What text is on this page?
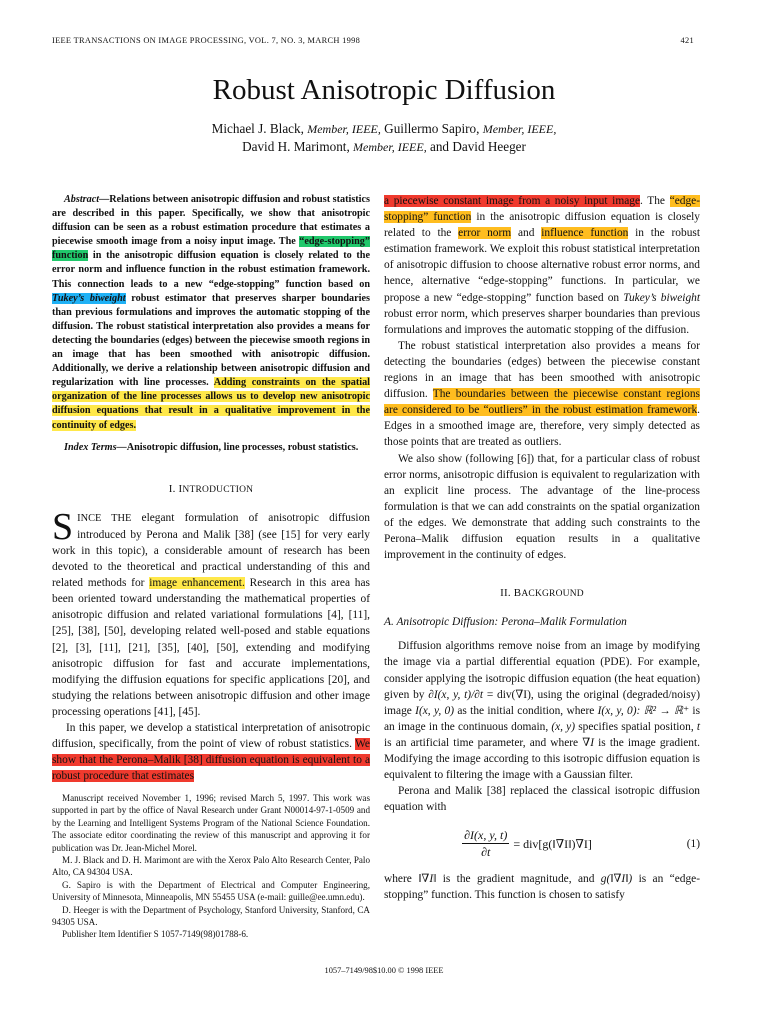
IEEE TRANSACTIONS ON IMAGE PROCESSING, VOL. 7, NO. 3, MARCH 1998	421
Robust Anisotropic Diffusion
Michael J. Black, Member, IEEE, Guillermo Sapiro, Member, IEEE,
David H. Marimont, Member, IEEE, and David Heeger

Abstract—Relations between anisotropic diffusion and robust statistics are described in this paper. Specifically, we show that anisotropic diffusion can be seen as a robust estimation procedure that estimates a piecewise smooth image from a noisy input image. The “edge-stopping” function in the anisotropic diffusion equation is closely related to the error norm and influence function in the robust estimation framework. This connection leads to a new “edge-stopping” function based on Tukey’s biweight robust estimator that preserves sharper boundaries than previous formulations and improves the automatic stopping of the diffusion. The robust statistical interpretation also provides a means for detecting the boundaries (edges) between the piecewise smooth regions in an image that has been smoothed with anisotropic diffusion. Additionally, we derive a relationship between anisotropic diffusion and regularization with line processes. Adding constraints on the spatial organization of the line processes allows us to develop new anisotropic diffusion equations that result in a qualitative improvement in the continuity of edges.

Index Terms—Anisotropic diffusion, line processes, robust statistics.

I. INTRODUCTION

SINCE THE elegant formulation of anisotropic diffusion introduced by Perona and Malik [38] (see [15] for very early work in this topic), a considerable amount of research has been devoted to the theoretical and practical understanding of this and related methods for image enhancement. Research in this area has been oriented toward understanding the mathematical properties of anisotropic diffusion and related variational formulations [4], [11], [25], [38], [50], developing related well-posed and stable equations [2], [3], [11], [21], [35], [40], [50], extending and modifying anisotropic diffusion for fast and accurate implementations, modifying the diffusion equations for specific applications [20], and studying the relations between anisotropic diffusion and other image processing operations [41], [45].

In this paper, we develop a statistical interpretation of anisotropic diffusion, specifically, from the point of view of robust statistics. We show that the Perona–Malik [38] diffusion equation is equivalent to a robust procedure that estimates

Manuscript received November 1, 1996; revised March 5, 1997. This work was supported in part by the office of Naval Research under Grant N00014-97-1-0509 and by the Learning and Intelligent Systems Program of the National Science Foundation. The associate editor coordinating the review of this manuscript and approving it for publication was Dr. Jean-Michel Morel.

M. J. Black and D. H. Marimont are with the Xerox Palo Alto Research Center, Palo Alto, CA 94304 USA.

G. Sapiro is with the Department of Electrical and Computer Engineering, University of Minnesota, Minneapolis, MN 55455 USA (e-mail: guille@ee.umn.edu).

D. Heeger is with the Department of Psychology, Stanford University, Stanford, CA 94305 USA.

Publisher Item Identifier S 1057-7149(98)01788-6.

a piecewise constant image from a noisy input image. The “edge-stopping” function in the anisotropic diffusion equation is closely related to the error norm and influence function in the robust estimation framework. We exploit this robust statistical interpretation of anisotropic diffusion to choose alternative robust error norms, and hence, alternative “edge-stopping” functions. In particular, we propose a new “edge-stopping” function based on Tukey’s biweight robust error norm, which preserves sharper boundaries than previous formulations and improves the automatic stopping of the diffusion.

The robust statistical interpretation also provides a means for detecting the boundaries (edges) between the piecewise constant regions in an image that has been smoothed with anisotropic diffusion. The boundaries between the piecewise constant regions are considered to be “outliers” in the robust estimation framework. Edges in a smoothed image are, therefore, very simply detected as those points that are treated as outliers.

We also show (following [6]) that, for a particular class of robust error norms, anisotropic diffusion is equivalent to regularization with an explicit line process. The advantage of the line-process formulation is that we can add constraints on the spatial organization of the edges. We demonstrate that adding such constraints to the Perona–Malik diffusion equation results in a qualitative improvement in the continuity of edges.

II. BACKGROUND
A. Anisotropic Diffusion: Perona–Malik Formulation

Diffusion algorithms remove noise from an image by modifying the image via a partial differential equation (PDE). For example, consider applying the isotropic diffusion equation (the heat equation) given by ∂I(x, y, t)/∂t = div(∇I), using the original (degraded/noisy) image I(x, y, 0) as the initial condition, where I(x, y, 0): ℝ² → ℝ⁺ is an image in the continuous domain, (x, y) specifies spatial position, t is an artificial time parameter, and where ∇I is the image gradient. Modifying the image according to this isotropic diffusion equation is equivalent to filtering the image with a Gaussian filter.

Perona and Malik [38] replaced the classical isotropic diffusion equation with

$\frac{\partial I(x, y, t)}{\partial t}$ = div[g(‖∇I‖)∇I]	(1)

where ‖∇I‖ is the gradient magnitude, and g(‖∇I‖) is an “edge-stopping” function. This function is chosen to satisfy

1057–7149/98$10.00 © 1998 IEEE
